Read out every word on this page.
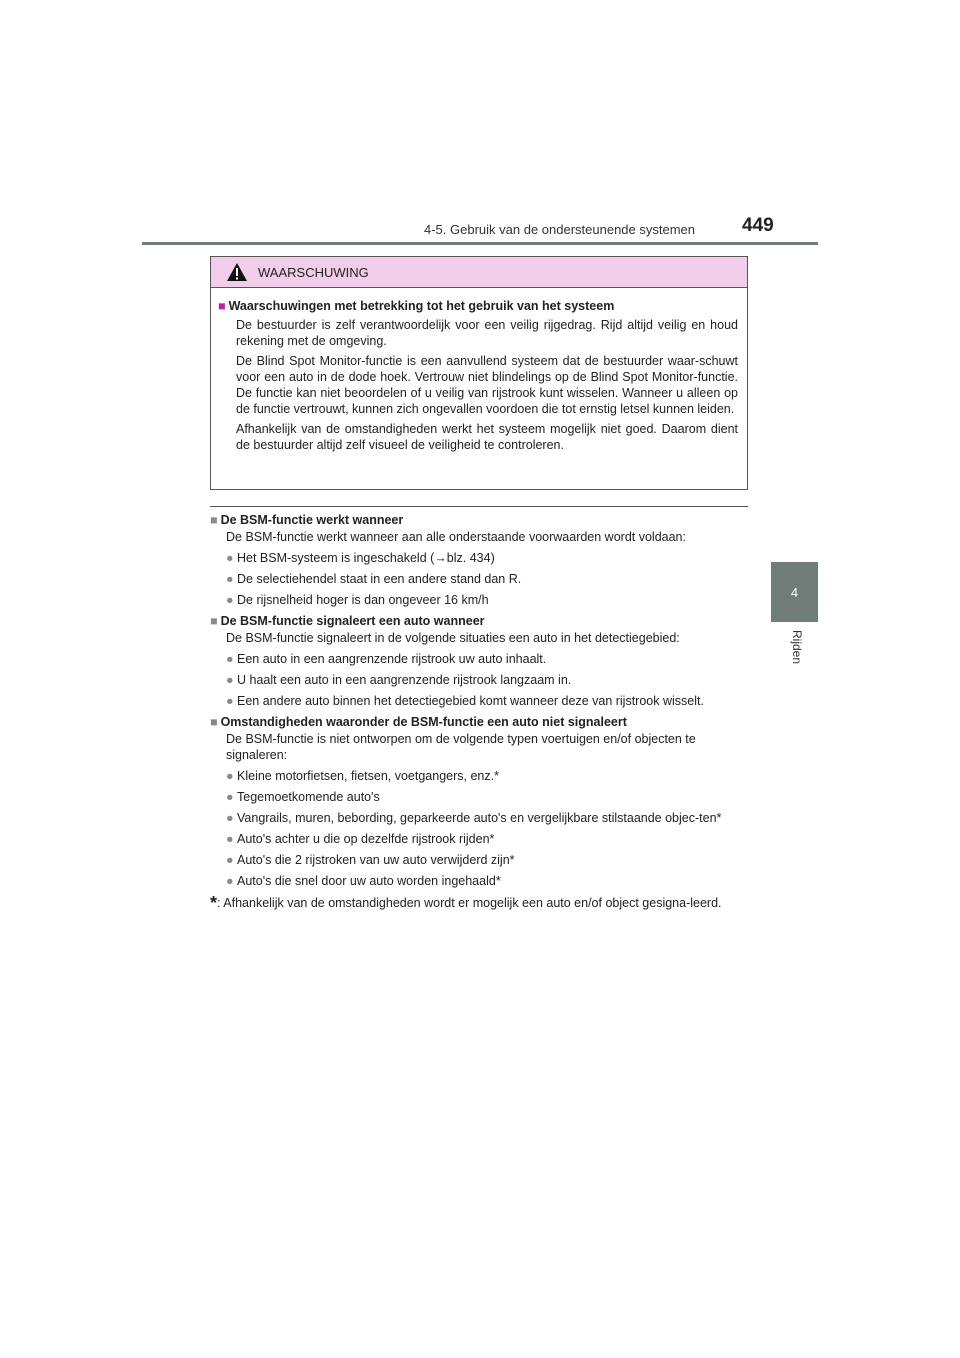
4-5. Gebruik van de ondersteunende systemen 449
4
Rijden
WAARSCHUWING
■ Waarschuwingen met betrekking tot het gebruik van het systeem

De bestuurder is zelf verantwoordelijk voor een veilig rijgedrag. Rijd altijd veilig en houd rekening met de omgeving.

De Blind Spot Monitor-functie is een aanvullend systeem dat de bestuurder waar-schuwt voor een auto in de dode hoek. Vertrouw niet blindelings op de Blind Spot Monitor-functie. De functie kan niet beoordelen of u veilig van rijstrook kunt wisselen. Wanneer u alleen op de functie vertrouwt, kunnen zich ongevallen voordoen die tot ernstig letsel kunnen leiden.

Afhankelijk van de omstandigheden werkt het systeem mogelijk niet goed. Daarom dient de bestuurder altijd zelf visueel de veiligheid te controleren.

■ De BSM-functie werkt wanneer
De BSM-functie werkt wanneer aan alle onderstaande voorwaarden wordt voldaan:
● Het BSM-systeem is ingeschakeld (→blz. 434)
● De selectiehendel staat in een andere stand dan R.
● De rijsnelheid hoger is dan ongeveer 16 km/h
■ De BSM-functie signaleert een auto wanneer
De BSM-functie signaleert in de volgende situaties een auto in het detectiegebied:
● Een auto in een aangrenzende rijstrook uw auto inhaalt.
● U haalt een auto in een aangrenzende rijstrook langzaam in.
● Een andere auto binnen het detectiegebied komt wanneer deze van rijstrook wisselt.
■ Omstandigheden waaronder de BSM-functie een auto niet signaleert
De BSM-functie is niet ontworpen om de volgende typen voertuigen en/of objecten te signaleren:
● Kleine motorfietsen, fietsen, voetgangers, enz.*
● Tegemoetkomende auto's
● Vangrails, muren, bebording, geparkeerde auto's en vergelijkbare stilstaande objec-ten*
● Auto's achter u die op dezelfde rijstrook rijden*
● Auto's die 2 rijstroken van uw auto verwijderd zijn*
● Auto's die snel door uw auto worden ingehaald*
* : Afhankelijk van de omstandigheden wordt er mogelijk een auto en/of object gesigna-leerd.
